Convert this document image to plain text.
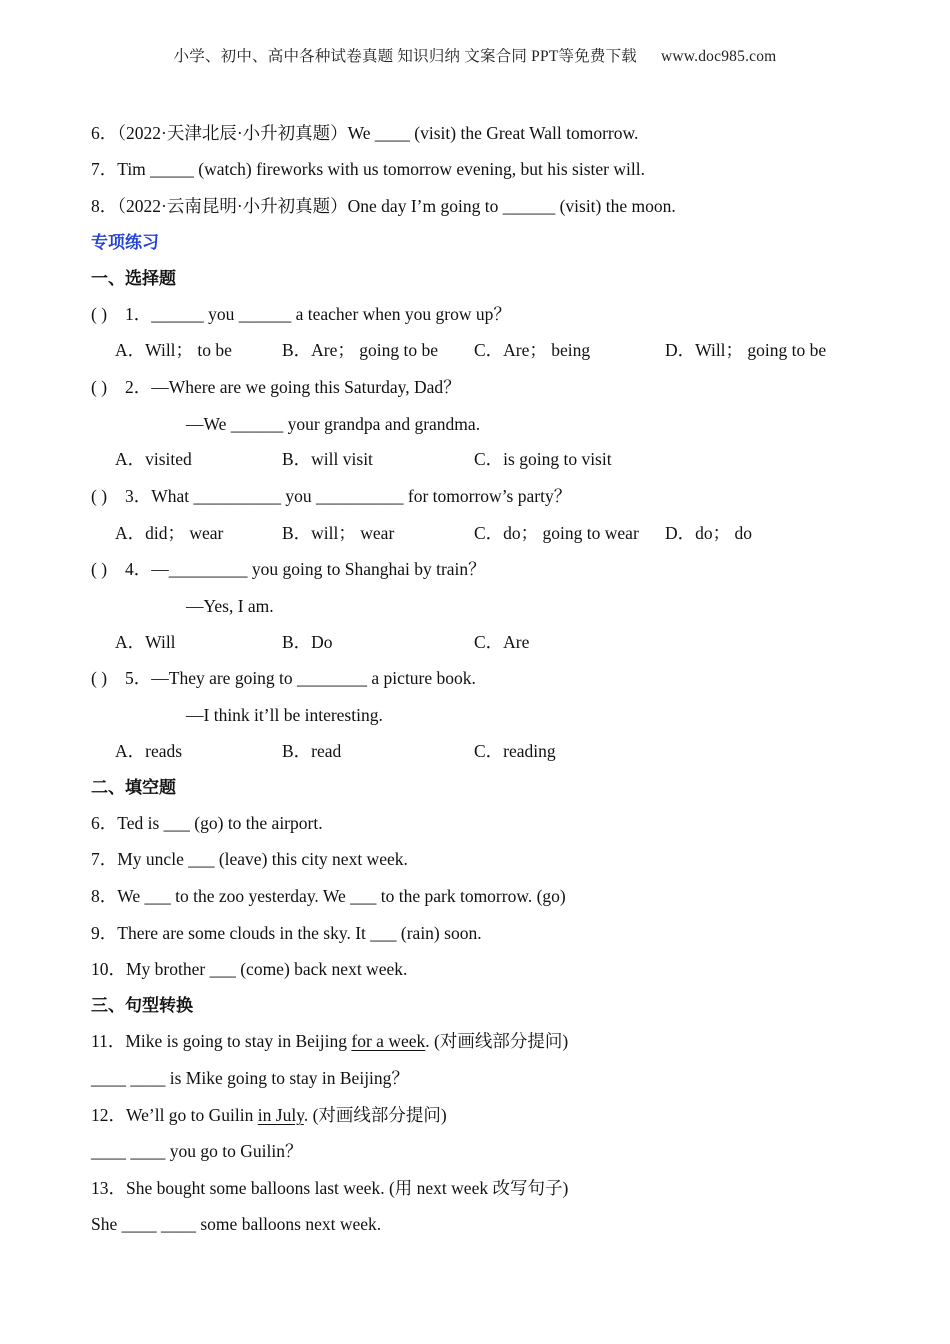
小学、初中、高中各种试卷真题 知识归纳 文案合同 PPT等免费下载 www.doc985.com
6．（2022·天津北辰·小升初真题）We ____ (visit) the Great Wall tomorrow.
7．Tim _____ (watch) fireworks with us tomorrow evening, but his sister will.
8．（2022·云南昆明·小升初真题）One day I’m going to ______ (visit) the moon.
专项练习
一、选择题
( ) 1．______ you ______ a teacher when you grow up？
A．Will； to be	B．Are； going to be C．Are； being	D．Will； going to be
( ) 2．—Where are we going this Saturday, Dad？
—We ______ your grandpa and grandma.
A．visited	B．will visit	C．is going to visit
( ) 3．What __________ you __________ for tomorrow’s party？
A．did； wear	B．will； wear	C．do； going to wear D．do； do
( ) 4．—_________ you going to Shanghai by train？
—Yes, I am.
A．Will	B．Do	C．Are
( ) 5．—They are going to ________ a picture book.
—I think it’ll be interesting.
A．reads	B．read	C．reading
二、填空题
6．Ted is ___ (go) to the airport.
7．My uncle ___ (leave) this city next week.
8．We ___ to the zoo yesterday. We ___ to the park tomorrow. (go)
9．There are some clouds in the sky. It ___ (rain) soon.
10．My brother ___ (come) back next week.
三、句型转换
11．Mike is going to stay in Beijing for a week. (对画线部分提问)
____ ____ is Mike going to stay in Beijing？
12．We’ll go to Guilin in July. (对画线部分提问)
____ ____ you go to Guilin？
13．She bought some balloons last week. (用 next week 改写句子)
She ____ ____ some balloons next week.
